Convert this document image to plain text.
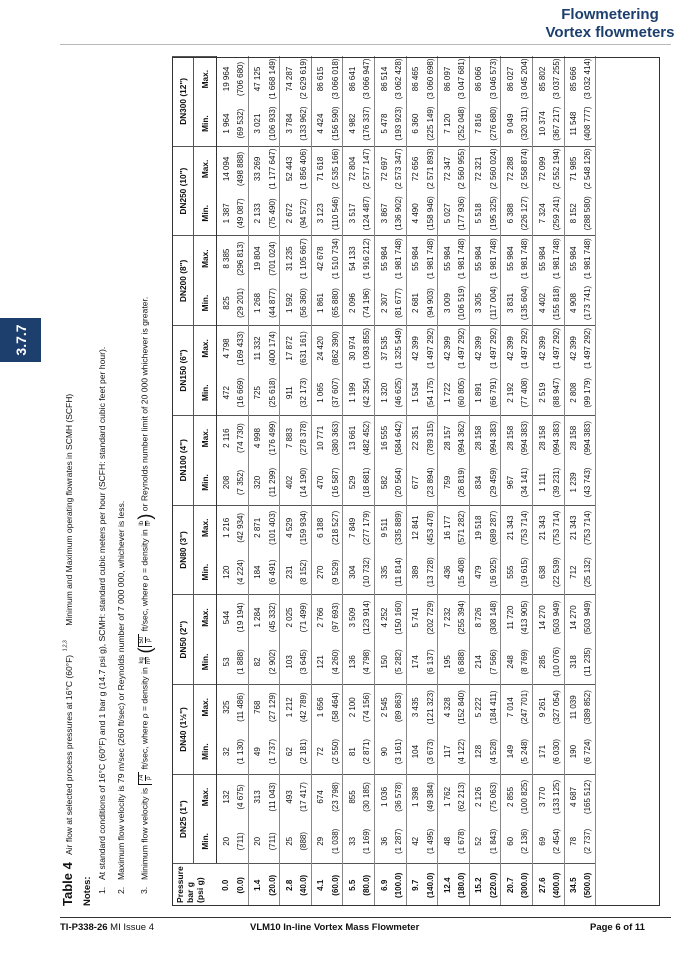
Flowmetering
Vortex flowmeters
3.7.7
Table 4  Air flow at selected process pressures at 16°C (60°F) $^{1,2,3}$    Minimum and Maximum operating flowrates in SCMH (SCFH)
Notes: 1.At standard conditions of 16°C (60°F) and 1 bar g (14.7 psi g), SCMH: standard cubic meters per hour (SCFH: standard cubic feet per hour).
2.Maximum flow velocity is 79 m/sec (260 ft/sec) or Reynolds number of 7 000 000, whichever is less.
3.Minimum flow velocity is
74 ρ
ft/sec, where ρ = density in
kg m³
(
50 ρ
ft/sec, where ρ = density in
lb ft³
) or Reynolds number limit of 20 000 whichever is greater.
Pressure bar g (psi g)	DN25 (1")		DN40 (1½")		DN50 (2")		DN80 (3")		DN100 (4")		DN150 (6")		DN200 (8")		DN250 (10")		DN300 (12")	
	Min.	Max.	Min.	Max.	Min.	Max.	Min.	Max.	Min.	Max.	Min.	Max.	Min.	Max.	Min.	Max.	Min.	Max.
0.0	20	132	32	325	53	544	120	1 216	208	2 116	472	4 798	825	8 385	1 387	14 094	1 964	19 964
(0.0)	(711)	(4 675)	(1 130)	(11 486)	(1 888)	(19 194)	(4 224)	(42 934)	(7 352)	(74 730)	(16 669)	(169 433)	(29 201)	(296 813)	(49 087)	(498 888)	(69 532)	(706 680)
1.4	20	313	49	768	82	1 284	184	2 871	320	4 998	725	11 332	1 268	19 804	2 133	33 269	3 021	47 125
(20.0)	(711)	(11 043)	(1 737)	(27 129)	(2 902)	(45 332)	(6 491)	(101 403)	(11 299)	(176 499)	(25 618)	(400 174)	(44 877)	(701 024)	(75 490)	(1 177 647)	(106 933)	(1 668 149)
2.8	25	493	62	1 212	103	2 025	231	4 529	402	7 883	911	17 872	1 592	31 235	2 672	52 443	3 784	74 287
(40.0)	(888)	(17 417)	(2 181)	(42 789)	(3 645)	(71 499)	(8 152)	(159 934)	(14 190)	(278 378)	(32 173)	(631 161)	(56 360)	(1 105 667)	(94 572)	(1 856 406)	(133 962)	(2 629 619)
4.1	29	674	72	1 656	121	2 766	270	6 188	470	10 771	1 065	24 420	1 861	42 678	3 123	71 618	4 424	86 615
(60.0)	(1 038)	(23 798)	(2 550)	(58 464)	(4 260)	(97 693)	(9 529)	(218 527)	(16 587)	(380 363)	(37 607)	(862 390)	(65 880)	(1 510 734)	(110 546)	(2 535 166)	(156 590)	(3 066 018)
5.5	33	855	81	2 100	136	3 509	304	7 849	529	13 661	1 199	30 974	2 096	54 133	3 517	72 804	4 982	86 641
(80.0)	(1 169)	(30 185)	(2 871)	(74 156)	(4 798)	(123 914)	(10 732)	(277 179)	(18 681)	(482 452)	(42 354)	(1 093 855)	(74 196)	(1 916 212)	(124 487)	(2 577 147)	(176 337)	(3 066 947)
6.9	36	1 036	90	2 545	150	4 252	335	9 511	582	16 555	1 320	37 535	2 307	55 984	3 867	72 697	5 478	86 514
(100.0)	(1 287)	(36 578)	(3 161)	(89 863)	(5 282)	(150 160)	(11 814)	(335 889)	(20 564)	(584 642)	(46 625)	(1 325 549)	(81 677)	(1 981 748)	(136 902)	(2 573 347)	(193 923)	(3 062 428)
9.7	42	1 398	104	3 435	174	5 741	389	12 841	677	22 351	1 534	42 399	2 681	55 984	4 490	72 656	6 360	86 465
(140.0)	(1 495)	(49 384)	(3 673)	(121 323)	(6 137)	(202 729)	(13 728)	(453 478)	(23 894)	(789 315)	(54 175)	(1 497 292)	(94 903)	(1 981 748)	(158 946)	(2 571 893)	(225 149)	(3 060 698)
12.4	48	1 762	117	4 328	195	7 232	436	16 177	759	28 157	1 722	42 399	3 009	55 984	5 027	72 347	7 120	86 097
(180.0)	(1 678)	(62 213)	(4 122)	(152 840)	(6 888)	(255 394)	(15 408)	(571 282)	(26 819)	(994 362)	(60 805)	(1 497 292)	(106 519)	(1 981 748)	(177 936)	(2 560 955)	(252 048)	(3 047 681)
15.2	52	2 126	128	5 222	214	8 726	479	19 518	834	28 158	1 891	42 399	3 305	55 984	5 518	72 321	7 816	86 066
(220.0)	(1 843)	(75 063)	(4 528)	(184 411)	(7 566)	(308 148)	(16 925)	(689 287)	(29 459)	(994 383)	(66 791)	(1 497 292)	(117 004)	(1 981 748)	(195 325)	(2 560 024)	(276 680)	(3 046 573)
20.7	60	2 855	149	7 014	248	11 720	555	21 343	967	28 158	2 192	42 399	3 831	55 984	6 388	72 288	9 049	86 027
(300.0)	(2 136)	(100 825)	(5 248)	(247 701)	(8 769)	(413 905)	(19 615)	(753 714)	(34 141)	(994 383)	(77 408)	(1 497 292)	(135 604)	(1 981 748)	(226 127)	(2 558 874)	(320 311)	(3 045 204)
27.6	69	3 770	171	9 261	285	14 270	638	21 343	1 111	28 158	2 519	42 399	4 402	55 984	7 324	72 099	10 374	85 802
(400.0)	(2 454)	(133 125)	(6 030)	(327 054)	(10 076)	(503 949)	(22 539)	(753 714)	(39 231)	(994 383)	(88 947)	(1 497 292)	(155 818)	(1 981 748)	(259 241)	(2 552 194)	(367 217)	(3 037 255)
34.5	78	4 687	190	11 039	318	14 270	712	21 343	1 239	28 158	2 808	42 399	4 908	55 984	8 152	71 985	11 548	85 666
(500.0)	(2 737)	(165 512)	(6 724)	(389 852)	(11 235)	(503 949)	(25 132)	(753 714)	(43 743)	(994 383)	(99 179)	(1 497 292)	(173 741)	(1 981 748)	(288 580)	(2 548 126)	(408 777)	(3 032 414)
TI-P338-26 MI Issue 4	VLM10 In-line Vortex Mass Flowmeter	Page 6 of 11
